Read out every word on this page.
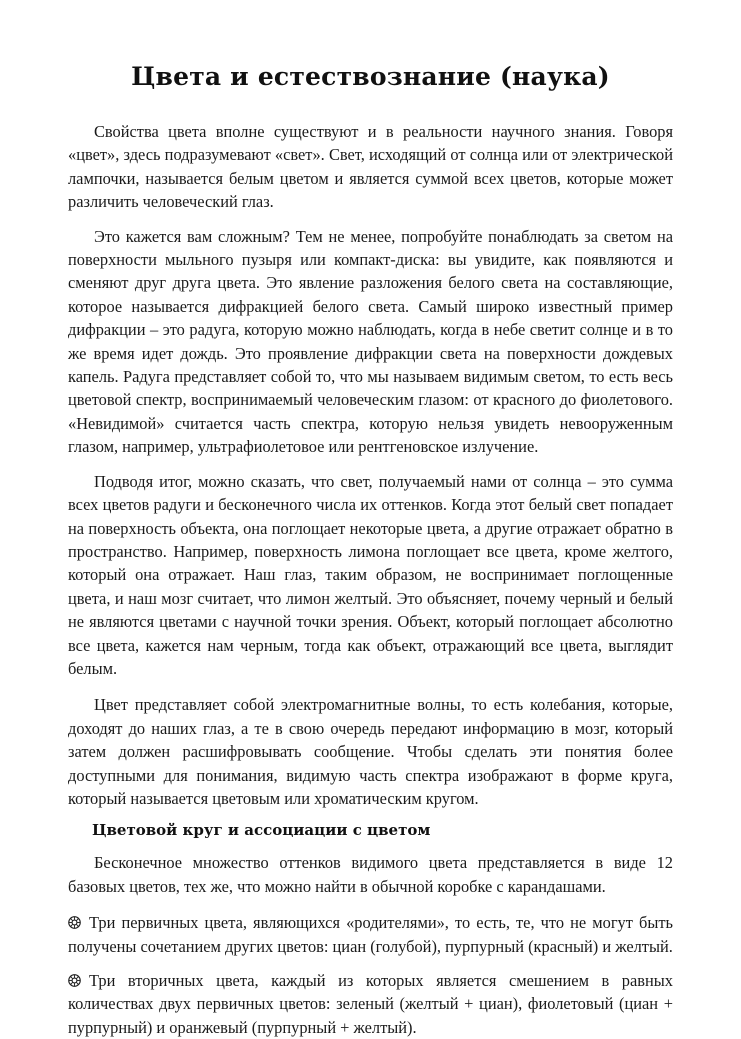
Цвета и естествознание (наука)

Свойства цвета вполне существуют и в реальности научного знания. Говоря «цвет», здесь подразумевают «свет». Свет, исходящий от солнца или от электрической лампочки, называется белым цветом и является суммой всех цветов, которые может различить человеческий глаз.

Это кажется вам сложным? Тем не менее, попробуйте понаблюдать за светом на поверхности мыльного пузыря или компакт-диска: вы увидите, как появляются и сменяют друг друга цвета. Это явление разложения белого света на составляющие, которое называется дифракцией белого света. Самый широко известный пример дифракции – это радуга, которую можно наблюдать, когда в небе светит солнце и в то же время идет дождь. Это проявление дифракции света на поверхности дождевых капель. Радуга представляет собой то, что мы называем видимым светом, то есть весь цветовой спектр, воспринимаемый человеческим глазом: от красного до фиолетового. «Невидимой» считается часть спектра, которую нельзя увидеть невооруженным глазом, например, ультрафиолетовое или рентгеновское излучение.

Подводя итог, можно сказать, что свет, получаемый нами от солнца – это сумма всех цветов радуги и бесконечного числа их оттенков. Когда этот белый свет попадает на поверхность объекта, она поглощает некоторые цвета, а другие отражает обратно в пространство. Например, поверхность лимона поглощает все цвета, кроме желтого, который она отражает. Наш глаз, таким образом, не воспринимает поглощенные цвета, и наш мозг считает, что лимон желтый. Это объясняет, почему черный и белый не являются цветами с научной точки зрения. Объект, который поглощает абсолютно все цвета, кажется нам черным, тогда как объект, отражающий все цвета, выглядит белым.

Цвет представляет собой электромагнитные волны, то есть колебания, которые, доходят до наших глаз, а те в свою очередь передают информацию в мозг, который затем должен расшифровывать сообщение. Чтобы сделать эти понятия более доступными для понимания, видимую часть спектра изображают в форме круга, который называется цветовым или хроматическим кругом.

Цветовой круг и ассоциации с цветом

Бесконечное множество оттенков видимого цвета представляется в виде 12 базовых цветов, тех же, что можно найти в обычной коробке с карандашами.

Три первичных цвета, являющихся «родителями», то есть, те, что не могут быть получены сочетанием других цветов: циан (голубой), пурпурный (красный) и желтый.

Три вторичных цвета, каждый из которых является смешением в равных количествах двух первичных цветов: зеленый (желтый + циан), фиолетовый (циан + пурпурный) и оранжевый (пурпурный + желтый).
